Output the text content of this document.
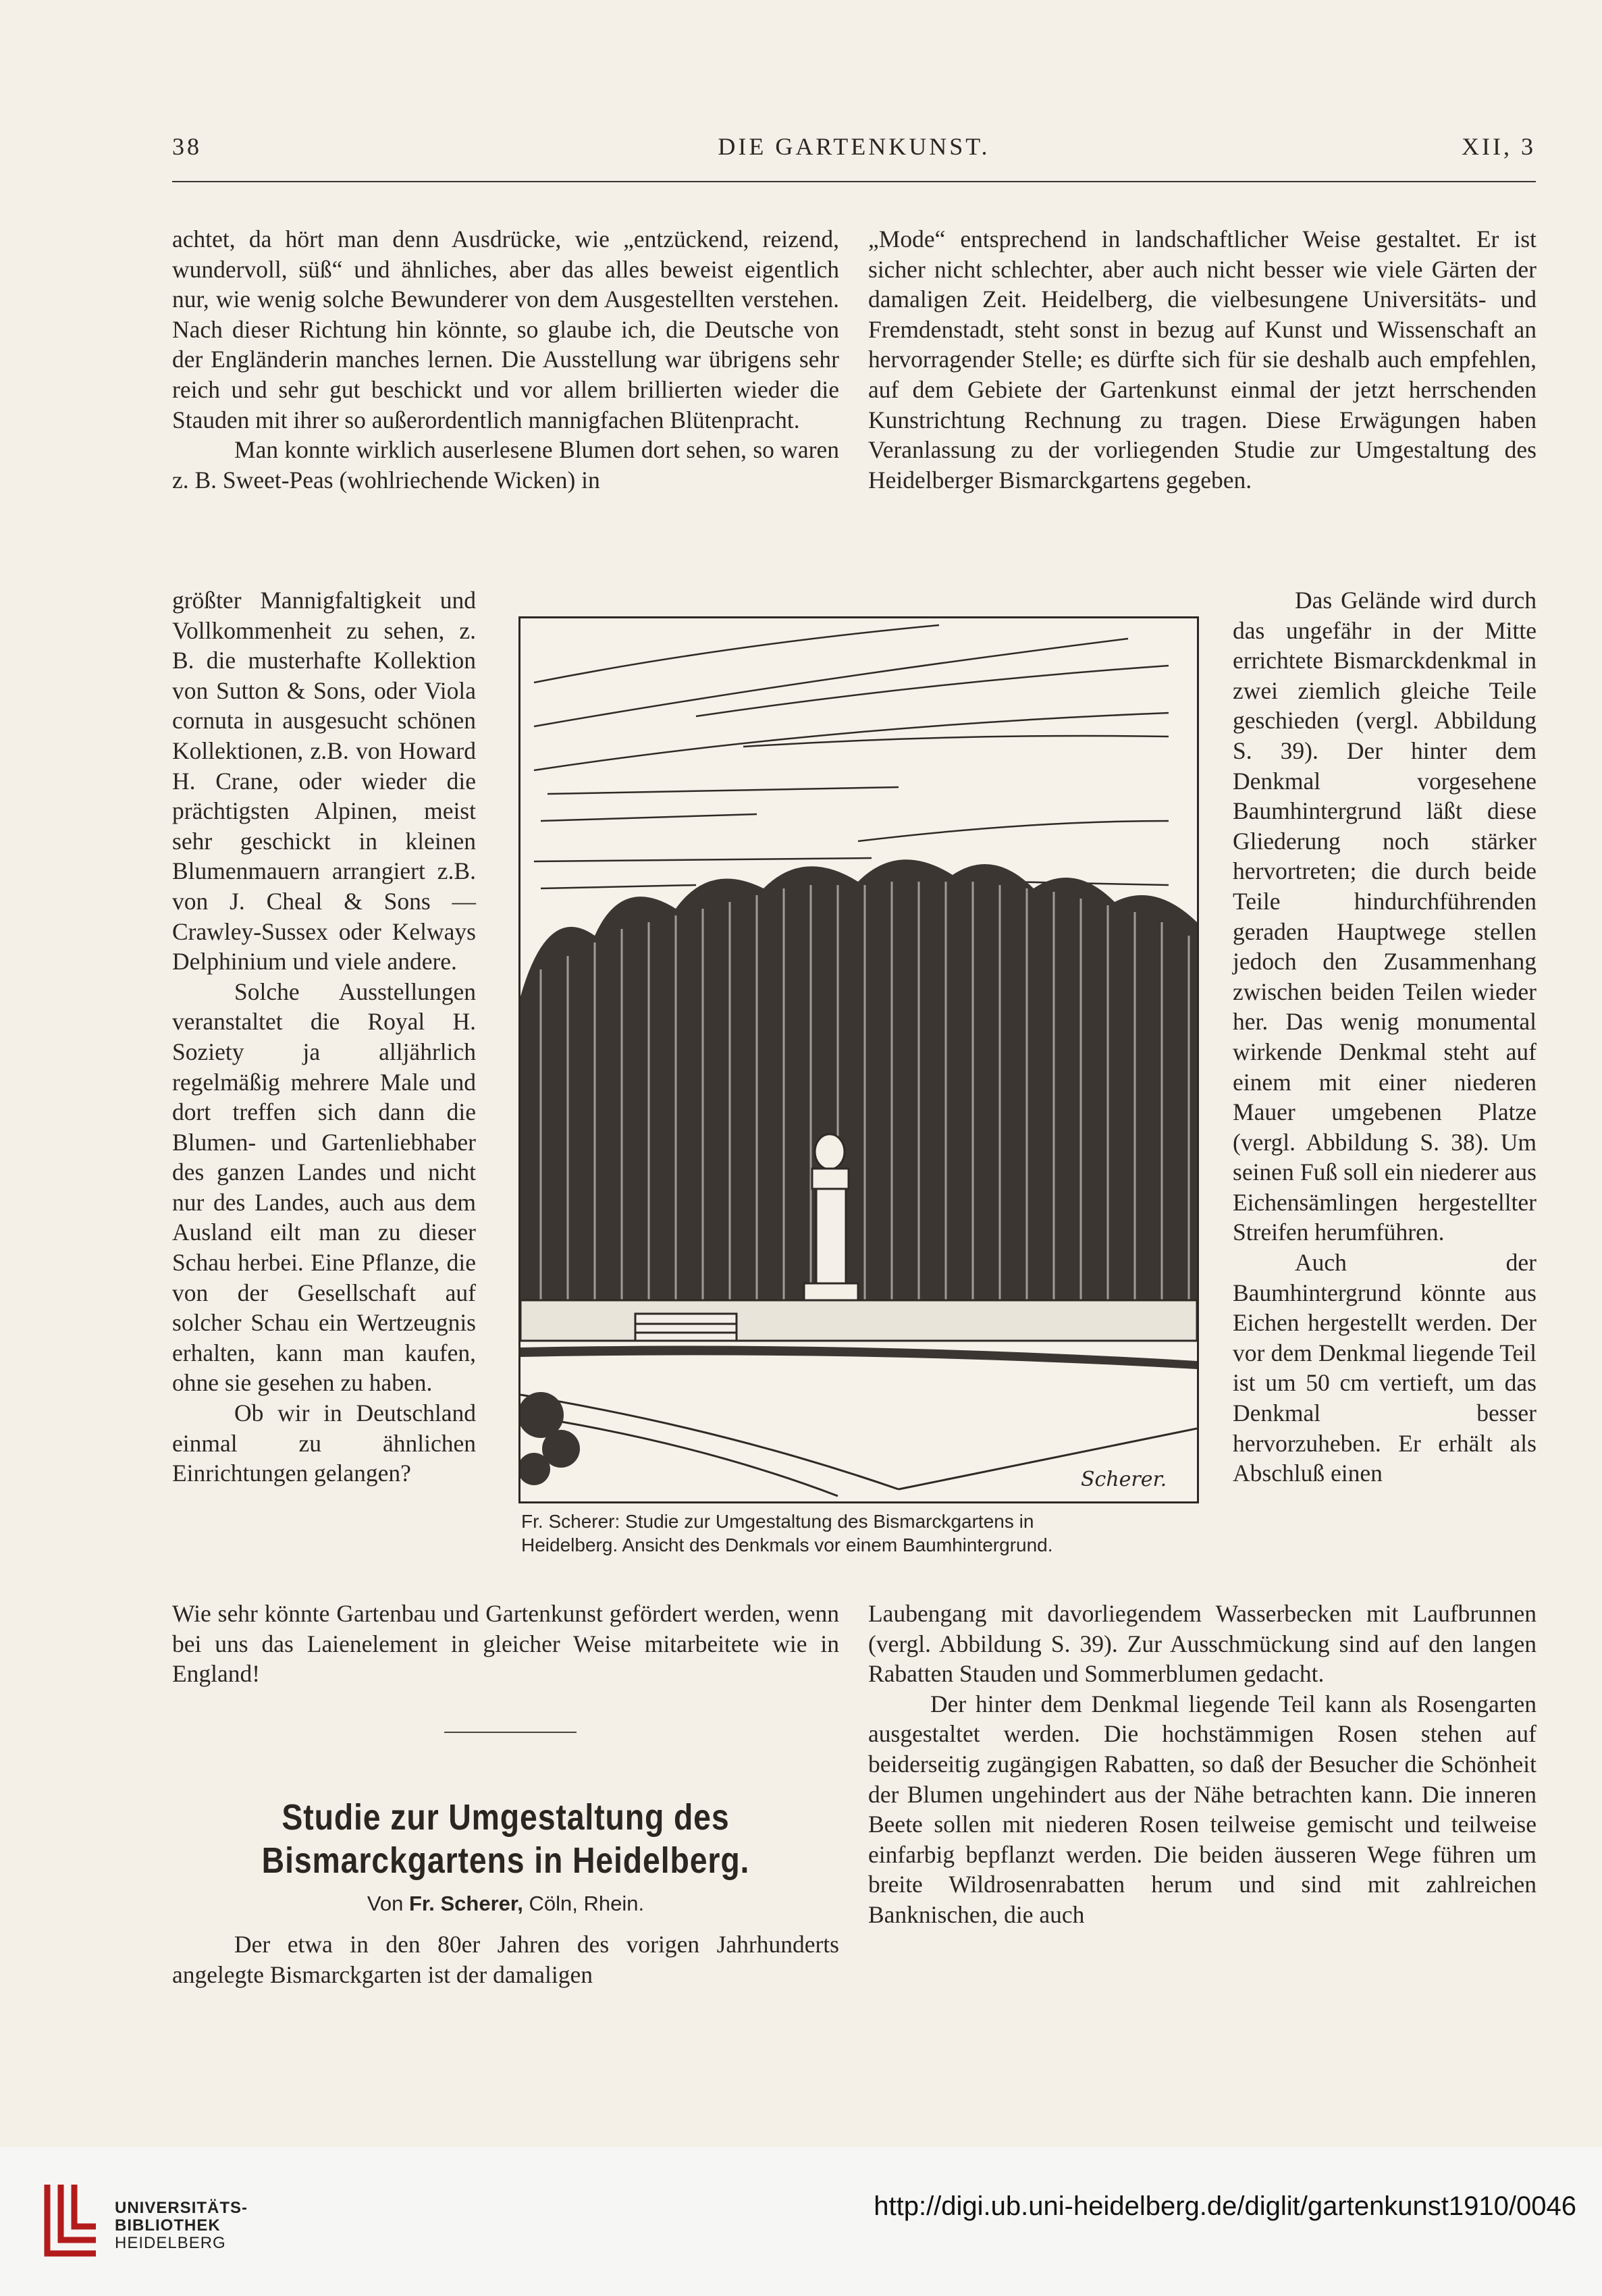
38	DIE GARTENKUNST.	XII, 3

achtet, da hört man denn Ausdrücke, wie „entzückend, reizend, wundervoll, süß“ und ähnliches, aber das alles beweist eigentlich nur, wie wenig solche Bewunderer von dem Ausgestellten verstehen. Nach dieser Richtung hin könnte, so glaube ich, die Deutsche von der Engländerin manches lernen. Die Ausstellung war übrigens sehr reich und sehr gut beschickt und vor allem brillierten wieder die Stauden mit ihrer so außerordentlich mannigfachen Blütenpracht.

Man konnte wirklich auserlesene Blumen dort sehen, so waren z. B. Sweet-Peas (wohlriechende Wicken) in

größter Mannigfaltigkeit und Vollkommenheit zu sehen, z. B. die musterhafte Kollektion von Sutton & Sons, oder Viola cornuta in ausgesucht schönen Kollektionen, z.B. von Howard H. Crane, oder wieder die prächtigsten Alpinen, meist sehr geschickt in kleinen Blumenmauern arrangiert z.B. von J. Cheal & Sons — Crawley-Sussex oder Kelways Delphinium und viele andere.

Solche Ausstellungen veranstaltet die Royal H. Soziety ja alljährlich regelmäßig mehrere Male und dort treffen sich dann die Blumen- und Gartenliebhaber des ganzen Landes und nicht nur des Landes, auch aus dem Ausland eilt man zu dieser Schau herbei. Eine Pflanze, die von der Gesellschaft auf solcher Schau ein Wertzeugnis erhalten, kann man kaufen, ohne sie gesehen zu haben.

Ob wir in Deutschland einmal zu ähnlichen Einrichtungen gelangen?

Wie sehr könnte Gartenbau und Gartenkunst gefördert werden, wenn bei uns das Laienelement in gleicher Weise mitarbeitete wie in England!

Studie zur Umgestaltung des Bismarckgartens in Heidelberg.
Von Fr. Scherer, Cöln, Rhein.

Der etwa in den 80er Jahren des vorigen Jahrhunderts angelegte Bismarckgarten ist der damaligen

„Mode“ entsprechend in landschaftlicher Weise gestaltet. Er ist sicher nicht schlechter, aber auch nicht besser wie viele Gärten der damaligen Zeit. Heidelberg, die vielbesungene Universitäts- und Fremdenstadt, steht sonst in bezug auf Kunst und Wissenschaft an hervorragender Stelle; es dürfte sich für sie deshalb auch empfehlen, auf dem Gebiete der Gartenkunst einmal der jetzt herrschenden Kunstrichtung Rechnung zu tragen. Diese Erwägungen haben Veranlassung zu der vorliegenden Studie zur Umgestaltung des Heidelberger Bismarckgartens gegeben.

Das Gelände wird durch das ungefähr in der Mitte errichtete Bismarckdenkmal in zwei ziemlich gleiche Teile geschieden (vergl. Abbildung S. 39). Der hinter dem Denkmal vorgesehene Baumhintergrund läßt diese Gliederung noch stärker hervortreten; die durch beide Teile hindurchführenden geraden Hauptwege stellen jedoch den Zusammenhang zwischen beiden Teilen wieder her. Das wenig monumental wirkende Denkmal steht auf einem mit einer niederen Mauer umgebenen Platze (vergl. Abbildung S. 38). Um seinen Fuß soll ein niederer aus Eichensämlingen hergestellter Streifen herumführen.

Auch der Baumhintergrund könnte aus Eichen hergestellt werden. Der vor dem Denkmal liegende Teil ist um 50 cm vertieft, um das Denkmal besser hervorzuheben. Er erhält als Abschluß einen

Laubengang mit davorliegendem Wasserbecken mit Laufbrunnen (vergl. Abbildung S. 39). Zur Ausschmückung sind auf den langen Rabatten Stauden und Sommerblumen gedacht.

Der hinter dem Denkmal liegende Teil kann als Rosengarten ausgestaltet werden. Die hochstämmigen Rosen stehen auf beiderseitig zugängigen Rabatten, so daß der Besucher die Schönheit der Blumen ungehindert aus der Nähe betrachten kann. Die inneren Beete sollen mit niederen Rosen teilweise gemischt und teilweise einfarbig bepflanzt werden. Die beiden äusseren Wege führen um breite Wildrosenrabatten herum und sind mit zahlreichen Banknischen, die auch

Scherer.
Fr. Scherer: Studie zur Umgestaltung des Bismarckgartens in
Heidelberg. Ansicht des Denkmals vor einem Baumhintergrund.
UNIVERSITÄTS-
BIBLIOTHEK
HEIDELBERG
http://digi.ub.uni-heidelberg.de/diglit/gartenkunst1910/0046
